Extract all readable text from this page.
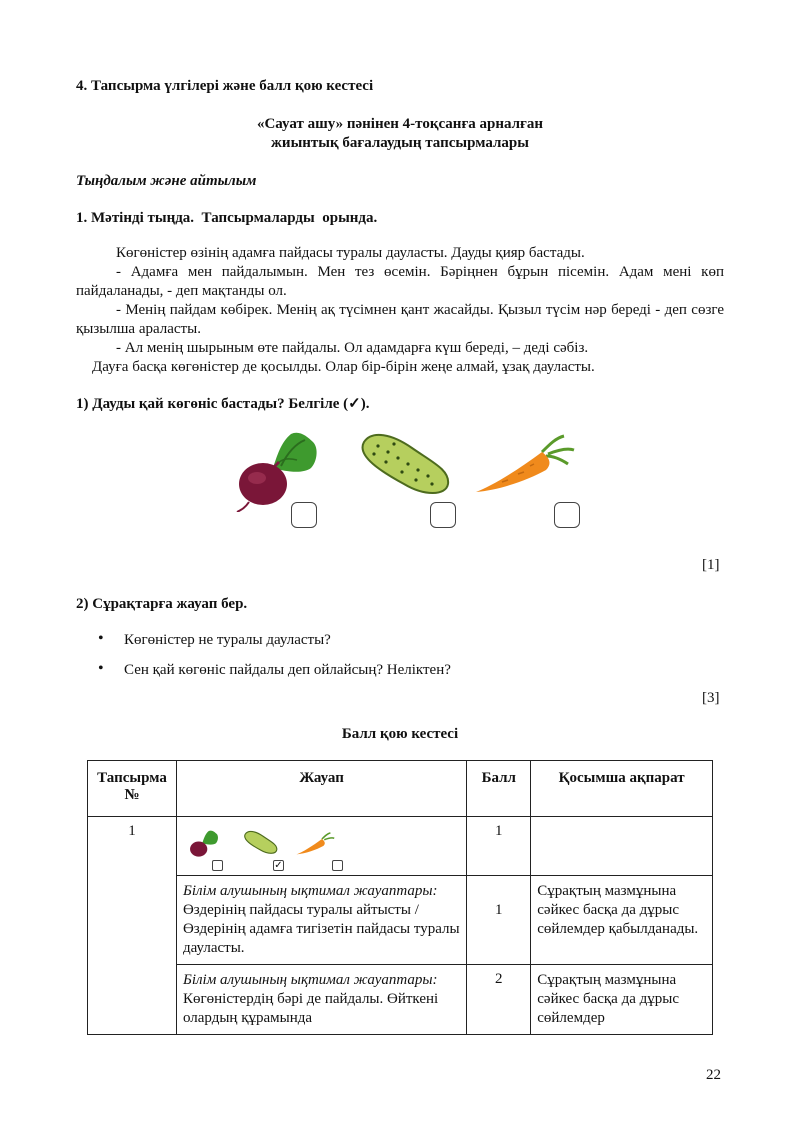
4. Тапсырма үлгілері және балл қою кестесі
«Сауат ашу» пәнінен 4-тоқсанға арналған
жиынтық бағалаудың тапсырмалары
Тыңдалым және айтылым
1. Мәтінді тыңда.  Тапсырмаларды  орында.
Көгөністер өзінің адамға пайдасы туралы дауласты. Дауды қияр бастады.
- Адамға мен пайдалымын. Мен тез өсемін. Бәріңнен бұрын пісемін. Адам мені көп пайдаланады, - деп мақтанды ол.
- Менің пайдам көбірек. Менің ақ түсімнен қант жасайды. Қызыл түсім нәр береді - деп сөзге қызылша араласты.
- Ал менің шырыным өте пайдалы. Ол адамдарға күш береді, – деді сәбіз.
Дауға басқа көгөністер де қосылды. Олар бір-бірін жеңе алмай, ұзақ дауласты.
1) Дауды қай көгөніс бастады? Белгіле (✓).
[1]
2) Сұрақтарға жауап бер.
•
Көгөністер не туралы дауласты?
•
Сен қай көгөніс пайдалы деп ойлайсың? Неліктен?
[3]
Балл қою кестесі
Тапсырма
№	Жауап	Балл	Қосымша ақпарат
1	✓	1	

	Білім алушының ықтимал жауаптары:
Өздерінің пайдасы туралы айтысты /Өздерінің адамға тигізетін пайдасы туралы дауласты.	1	Сұрақтың мазмұнына сәйкес басқа да дұрыс сөйлемдер қабылданады.

	Білім алушының ықтимал жауаптары:
Көгөністердің бәрі де пайдалы. Өйткені олардың құрамында	2	Сұрақтың мазмұнына сәйкес басқа да дұрыс сөйлемдер
22
